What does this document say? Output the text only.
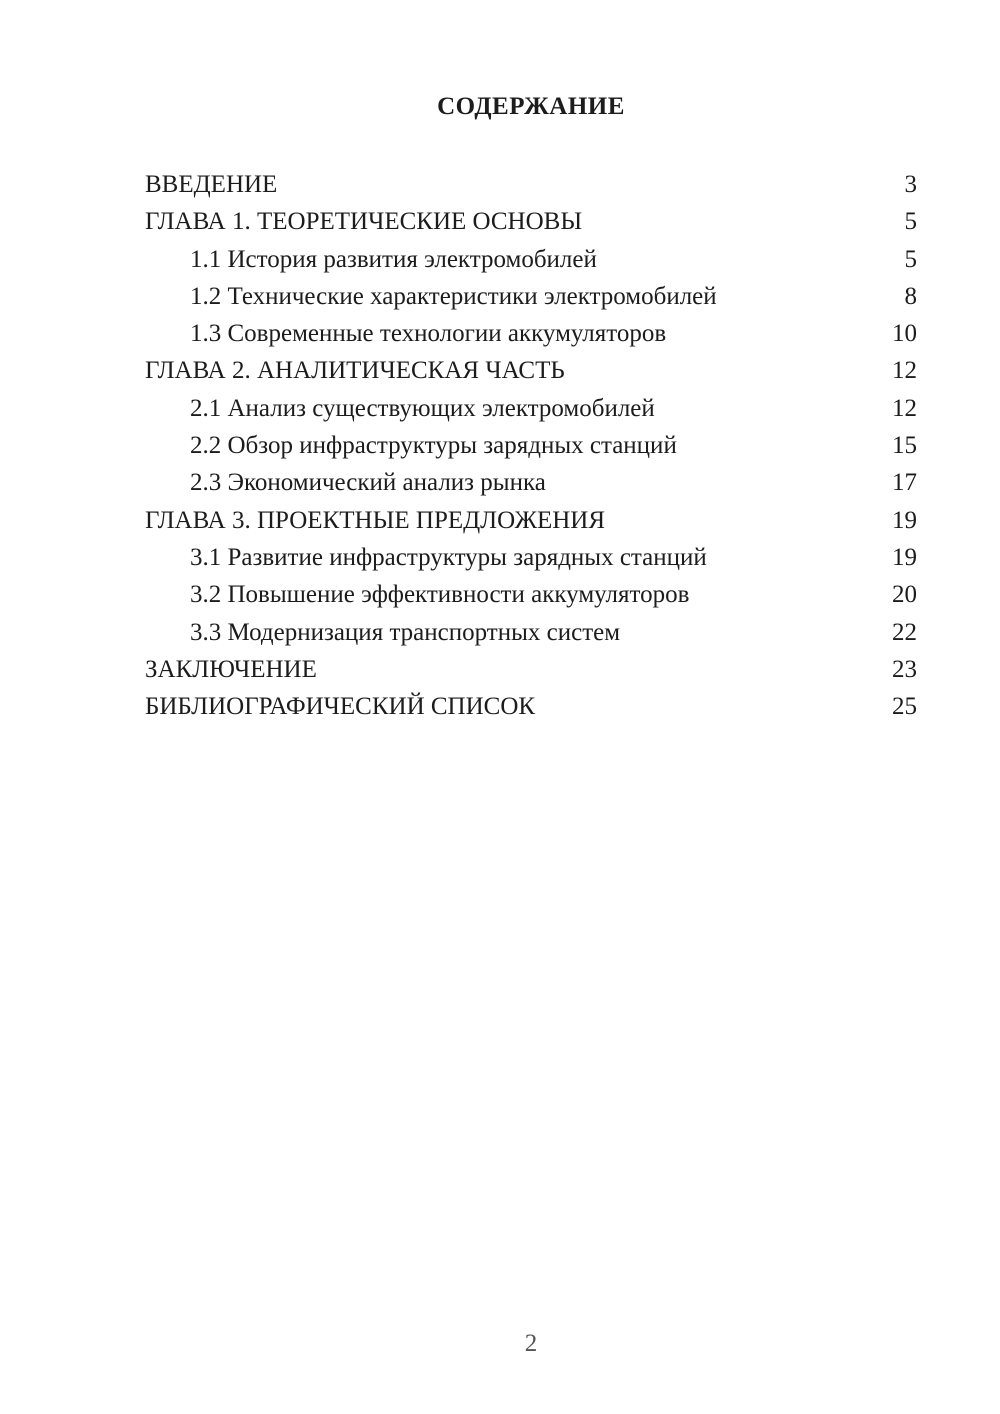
СОДЕРЖАНИЕ
ВВЕДЕНИЕ	3
ГЛАВА 1. ТЕОРЕТИЧЕСКИЕ ОСНОВЫ	5
1.1 История развития электромобилей	5
1.2 Технические характеристики электромобилей	8
1.3 Современные технологии аккумуляторов	10
ГЛАВА 2. АНАЛИТИЧЕСКАЯ ЧАСТЬ	12
2.1 Анализ существующих электромобилей	12
2.2 Обзор инфраструктуры зарядных станций	15
2.3 Экономический анализ рынка	17
ГЛАВА 3. ПРОЕКТНЫЕ ПРЕДЛОЖЕНИЯ	19
3.1 Развитие инфраструктуры зарядных станций	19
3.2 Повышение эффективности аккумуляторов	20
3.3 Модернизация транспортных систем	22
ЗАКЛЮЧЕНИЕ	23
БИБЛИОГРАФИЧЕСКИЙ СПИСОК	25
2
